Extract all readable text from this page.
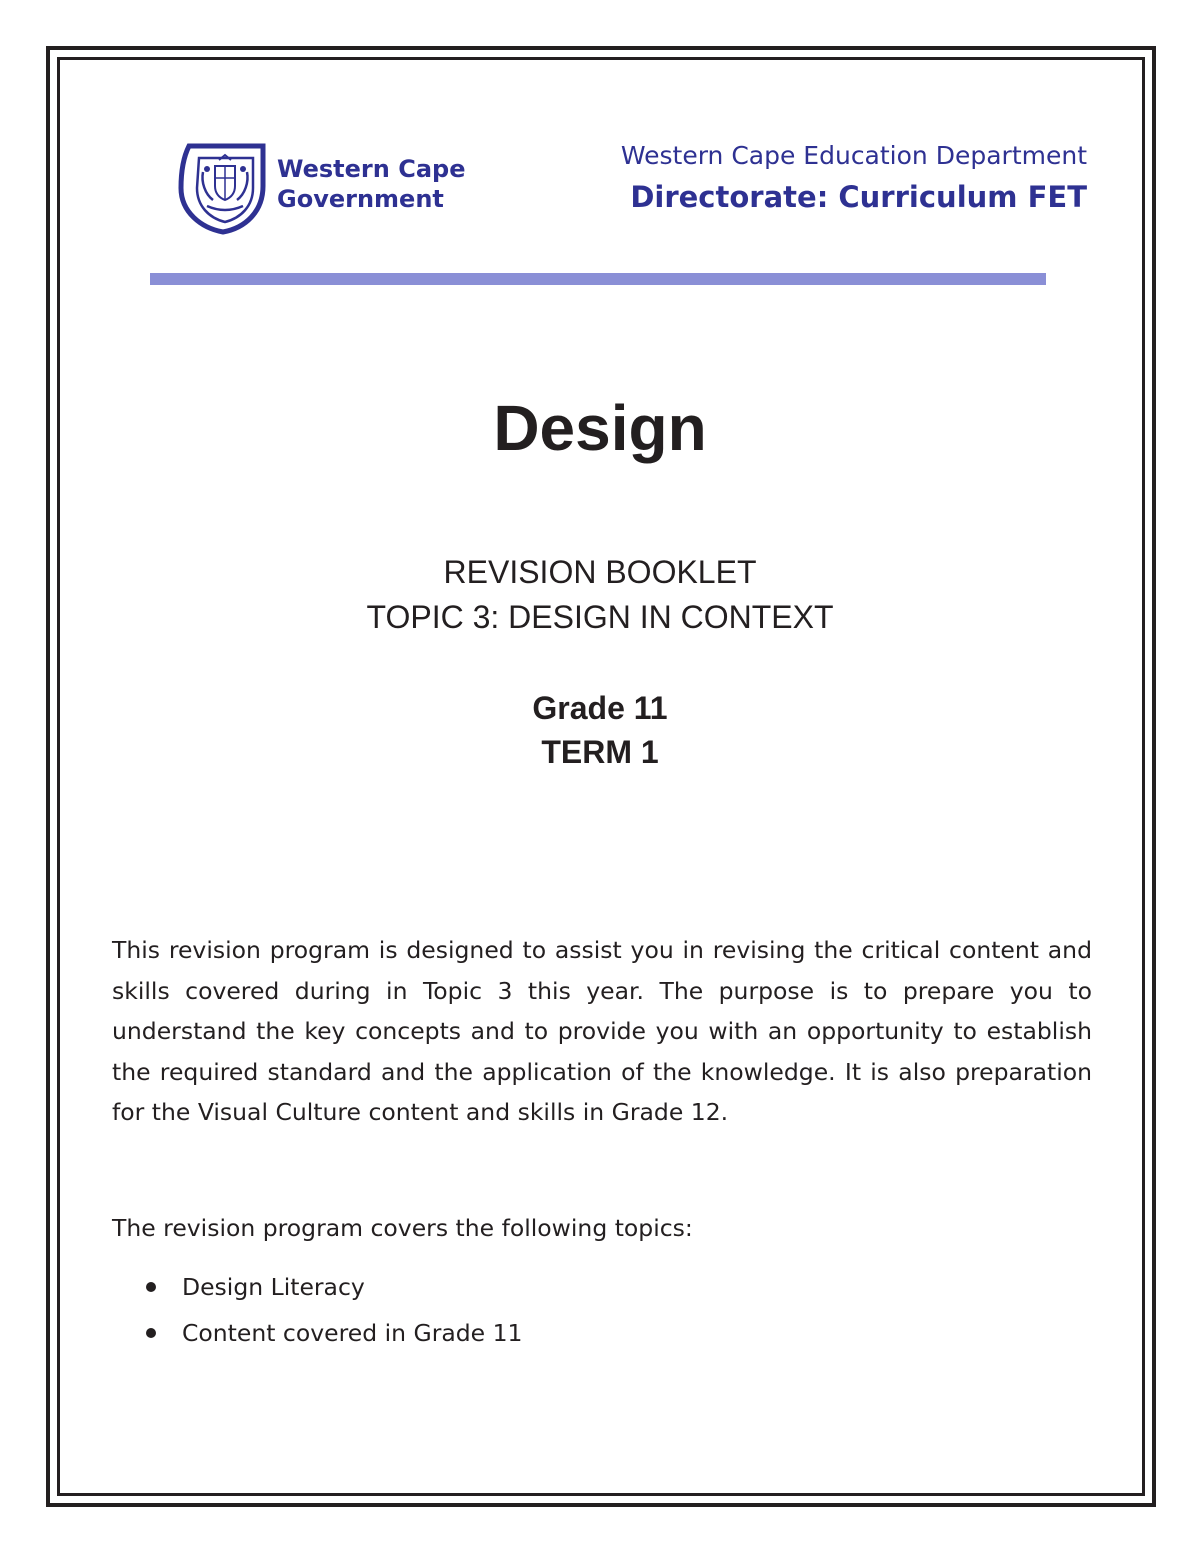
Western Cape
Government
Western Cape Education Department
Directorate: Curriculum FET
Design
REVISION BOOKLET
TOPIC 3: DESIGN IN CONTEXT
Grade 11
TERM 1

This revision program is designed to assist you in revising the critical content and skills covered during in Topic 3 this year. The purpose is to prepare you to understand the key concepts and to provide you with an opportunity to establish the required standard and the application of the knowledge. It is also preparation for the Visual Culture content and skills in Grade 12.

The revision program covers the following topics:

Design Literacy
Content covered in Grade 11
